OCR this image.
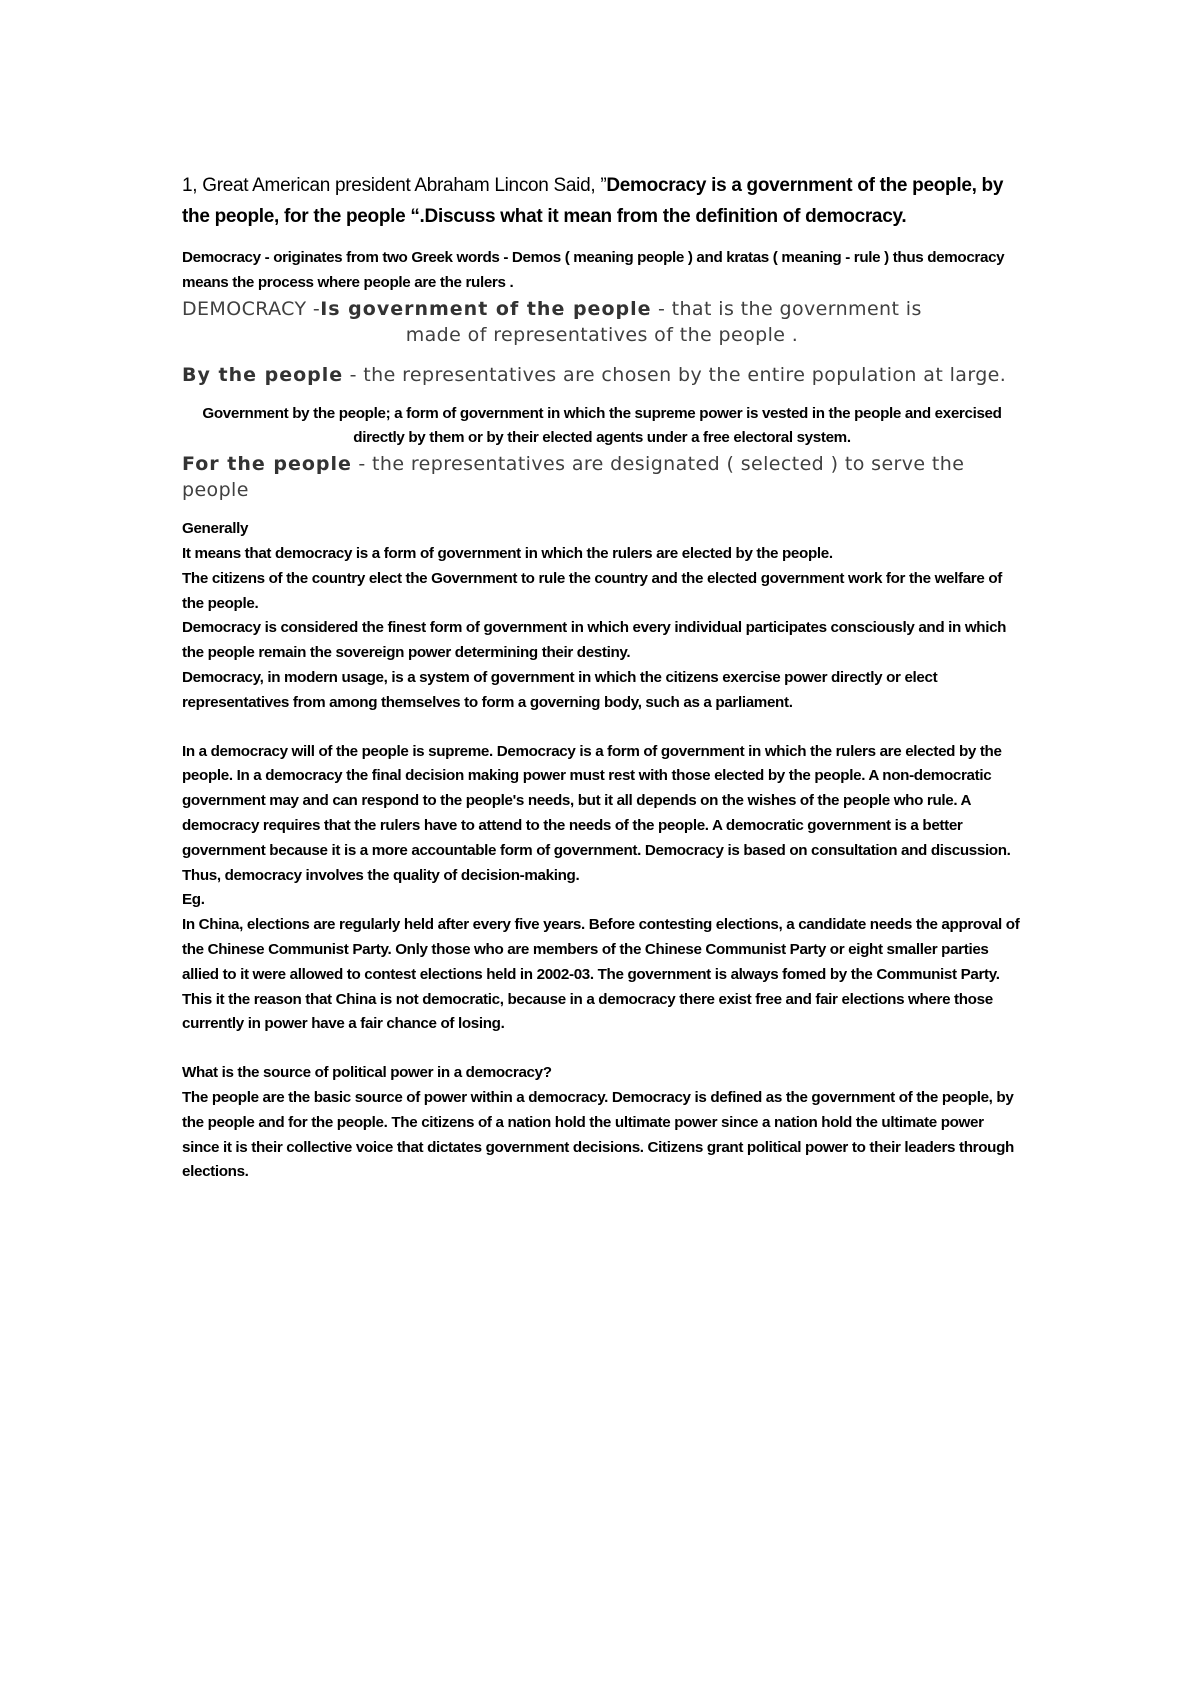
1, Great American president Abraham Lincon Said, ”Democracy is a government of the people, by the people, for the people “.Discuss what it mean from the definition of democracy.

Democracy - originates from two Greek words - Demos ( meaning people ) and kratas ( meaning - rule ) thus democracy means the process where people are the rulers .

DEMOCRACY -Is government of the people - that is the government is

made of representatives of the people .

By the people - the representatives are chosen by the entire population at large.

Government by the people; a form of government in which the supreme power is vested in the people and exercised directly by them or by their elected agents under a free electoral system.

For the people - the representatives are designated ( selected ) to serve the people

Generally

It means that democracy is a form of government in which the rulers are elected by the people.

The citizens of the country elect the Government to rule the country and the elected government work for the welfare of the people.

Democracy is considered the finest form of government in which every individual participates consciously and in which the people remain the sovereign power determining their destiny.

Democracy, in modern usage, is a system of government in which the citizens exercise power directly or elect representatives from among themselves to form a governing body, such as a parliament.

In a democracy will of the people is supreme. Democracy is a form of government in which the rulers are elected by the people. In a democracy the final decision making power must rest with those elected by the people. A non-democratic government may and can respond to the people's needs, but it all depends on the wishes of the people who rule. A democracy requires that the rulers have to attend to the needs of the people. A democratic government is a better government because it is a more accountable form of government. Democracy is based on consultation and discussion. Thus, democracy involves the quality of decision-making.

Eg.

In China, elections are regularly held after every five years. Before contesting elections, a candidate needs the approval of the Chinese Communist Party. Only those who are members of the Chinese Communist Party or eight smaller parties allied to it were allowed to contest elections held in 2002-03. The government is always fomed by the Communist Party. This it the reason that China is not democratic, because in a democracy there exist free and fair elections where those currently in power have a fair chance of losing.

What is the source of political power in a democracy?

The people are the basic source of power within a democracy. Democracy is defined as the government of the people, by the people and for the people. The citizens of a nation hold the ultimate power since a nation hold the ultimate power since it is their collective voice that dictates government decisions. Citizens grant political power to their leaders through elections.
